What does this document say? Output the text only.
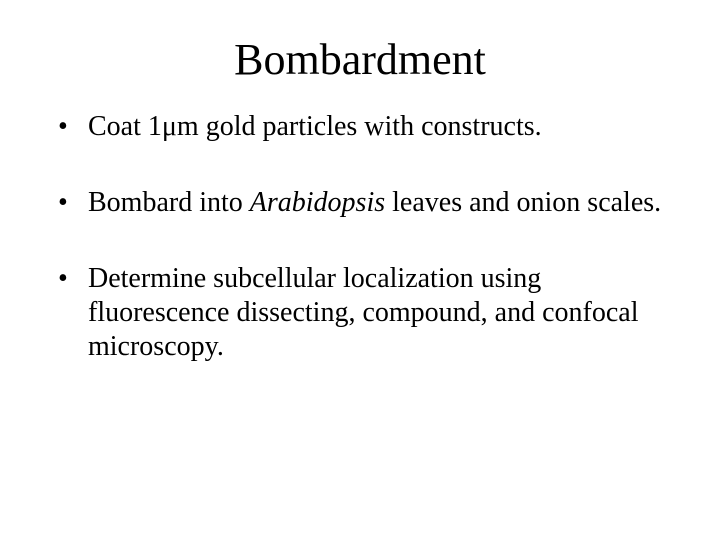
Bombardment
• Coat 1μm gold particles with constructs.
• Bombard into Arabidopsis leaves and onion scales.
• Determine subcellular localization using fluorescence dissecting, compound, and confocal microscopy.
